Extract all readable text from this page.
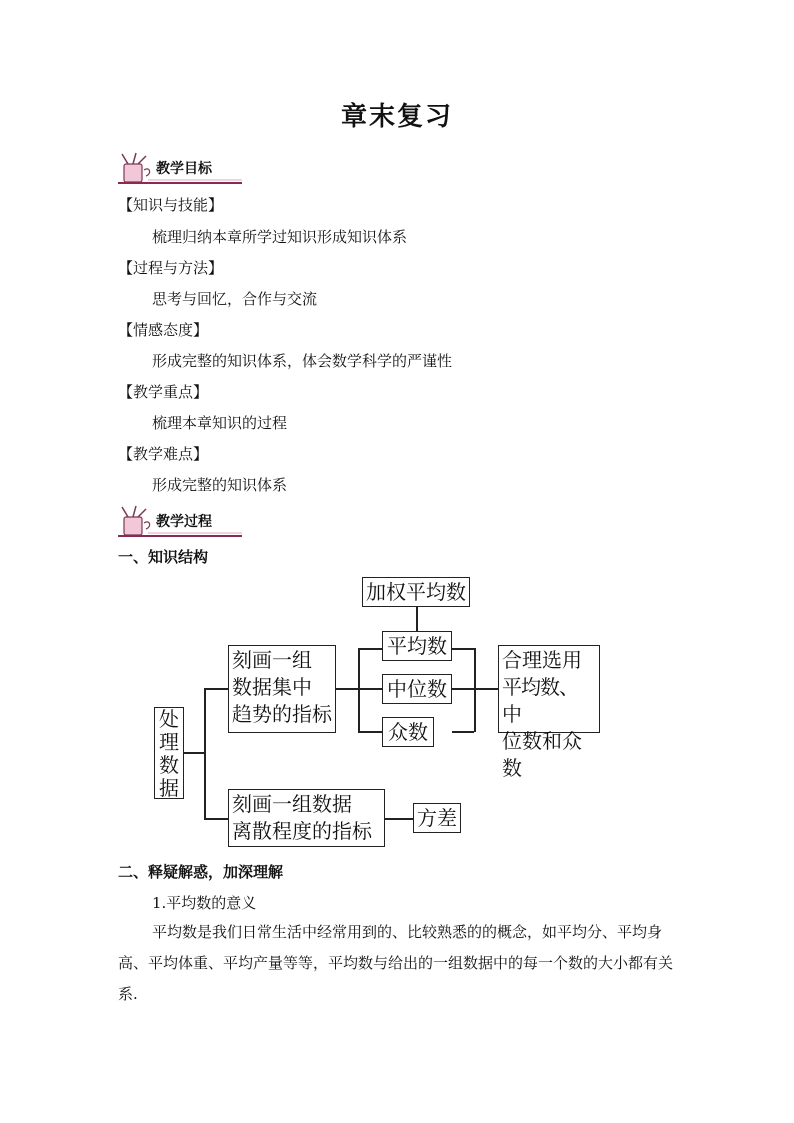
章末复习
教学目标
【知识与技能】
梳理归纳本章所学过知识形成知识体系
【过程与方法】
思考与回忆，合作与交流
【情感态度】
形成完整的知识体系，体会数学科学的严谨性
【教学重点】
梳理本章知识的过程
【教学难点】
形成完整的知识体系
教学过程
一、知识结构
处
理
数
据
刻画一组
数据集中
趋势的指标
加权平均数
平均数
中位数
众数
合理选用
平均数、中
位数和众数
刻画一组数据
离散程度的指标
方差
二、释疑解惑，加深理解
1.平均数的意义
平均数是我们日常生活中经常用到的、比较熟悉的的概念，如平均分、平均身高、平均体重、平均产量等等，平均数与给出的一组数据中的每一个数的大小都有关系.
